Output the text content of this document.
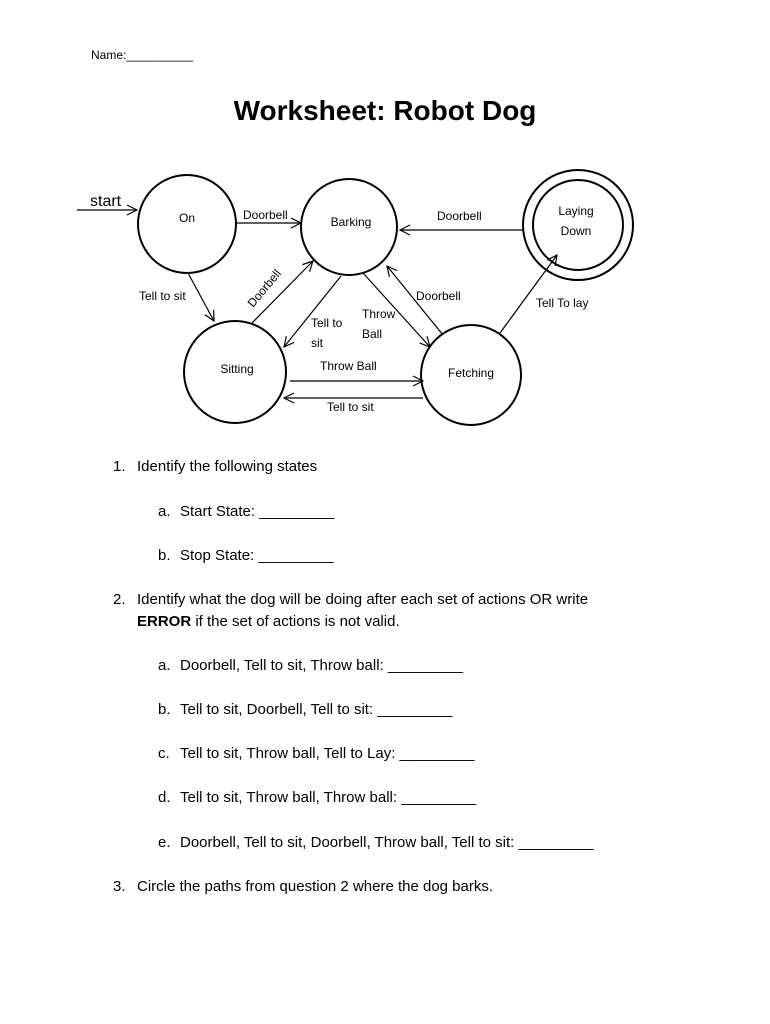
Name:__________
Worksheet: Robot Dog
start
On	Barking
Laying
Down
Sitting	Fetching
Doorbell	Doorbell
Tell to sit	Doorbell
Tell to
sit
Throw
Ball
Doorbell	Tell To lay
Throw Ball
Tell to sit
1. Identify the following states
a. Start State: _________
b. Stop State: _________
2. Identify what the dog will be doing after each set of actions OR write
ERROR if the set of actions is not valid.
a. Doorbell, Tell to sit, Throw ball: _________
b. Tell to sit, Doorbell, Tell to sit: _________
c. Tell to sit, Throw ball, Tell to Lay: _________
d. Tell to sit, Throw ball, Throw ball: _________
e. Doorbell, Tell to sit, Doorbell, Throw ball, Tell to sit: _________
3. Circle the paths from question 2 where the dog barks.
